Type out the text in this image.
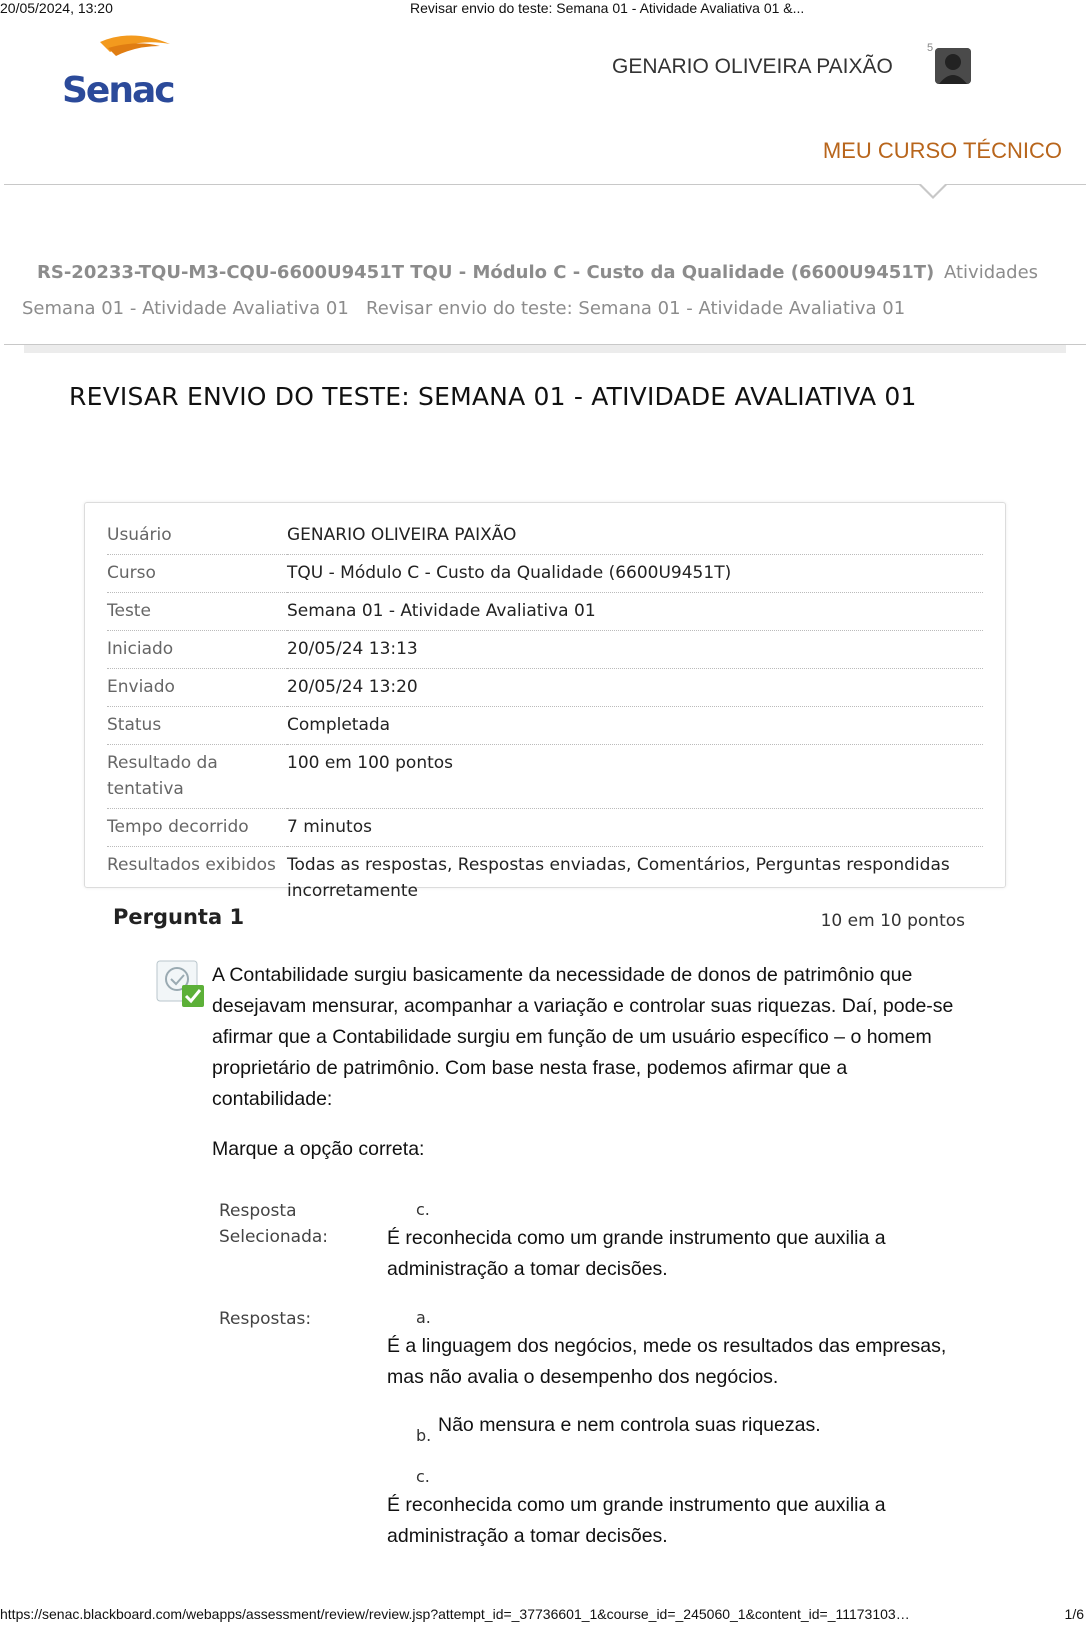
20/05/2024, 13:20	Revisar envio do teste: Semana 01 - Atividade Avaliativa 01 &...
Senac
GENARIO OLIVEIRA PAIXÃO
5
MEU CURSO TÉCNICO
RS-20233-TQU-M3-CQU-6600U9451T TQU - Módulo C - Custo da Qualidade (6600U9451T) Atividades
Semana 01 - Atividade Avaliativa 01 Revisar envio do teste: Semana 01 - Atividade Avaliativa 01
REVISAR ENVIO DO TESTE: SEMANA 01 - ATIVIDADE AVALIATIVA 01
Usuário	GENARIO OLIVEIRA PAIXÃO
Curso	TQU - Módulo C - Custo da Qualidade (6600U9451T)
Teste	Semana 01 - Atividade Avaliativa 01
Iniciado	20/05/24 13:13
Enviado	20/05/24 13:20
Status	Completada
Resultado da tentativa	100 em 100 pontos
Tempo decorrido	7 minutos
Resultados exibidos	Todas as respostas, Respostas enviadas, Comentários, Perguntas respondidas incorretamente
Pergunta 1	10 em 10 pontos
A Contabilidade surgiu basicamente da necessidade de donos de patrimônio que desejavam mensurar, acompanhar a variação e controlar suas riquezas. Daí, pode-se afirmar que a Contabilidade surgiu em função de um usuário específico – o homem proprietário de patrimônio. Com base nesta frase, podemos afirmar que a contabilidade:
Marque a opção correta:
Resposta Selecionada:
c.
É reconhecida como um grande instrumento que auxilia a administração a tomar decisões.
Respostas:	a.
É a linguagem dos negócios, mede os resultados das empresas, mas não avalia o desempenho dos negócios.
b. Não mensura e nem controla suas riquezas.
c.
É reconhecida como um grande instrumento que auxilia a administração a tomar decisões.
https://senac.blackboard.com/webapps/assessment/review/review.jsp?attempt_id=_37736601_1&course_id=_245060_1&content_id=_11173103…	1/6
